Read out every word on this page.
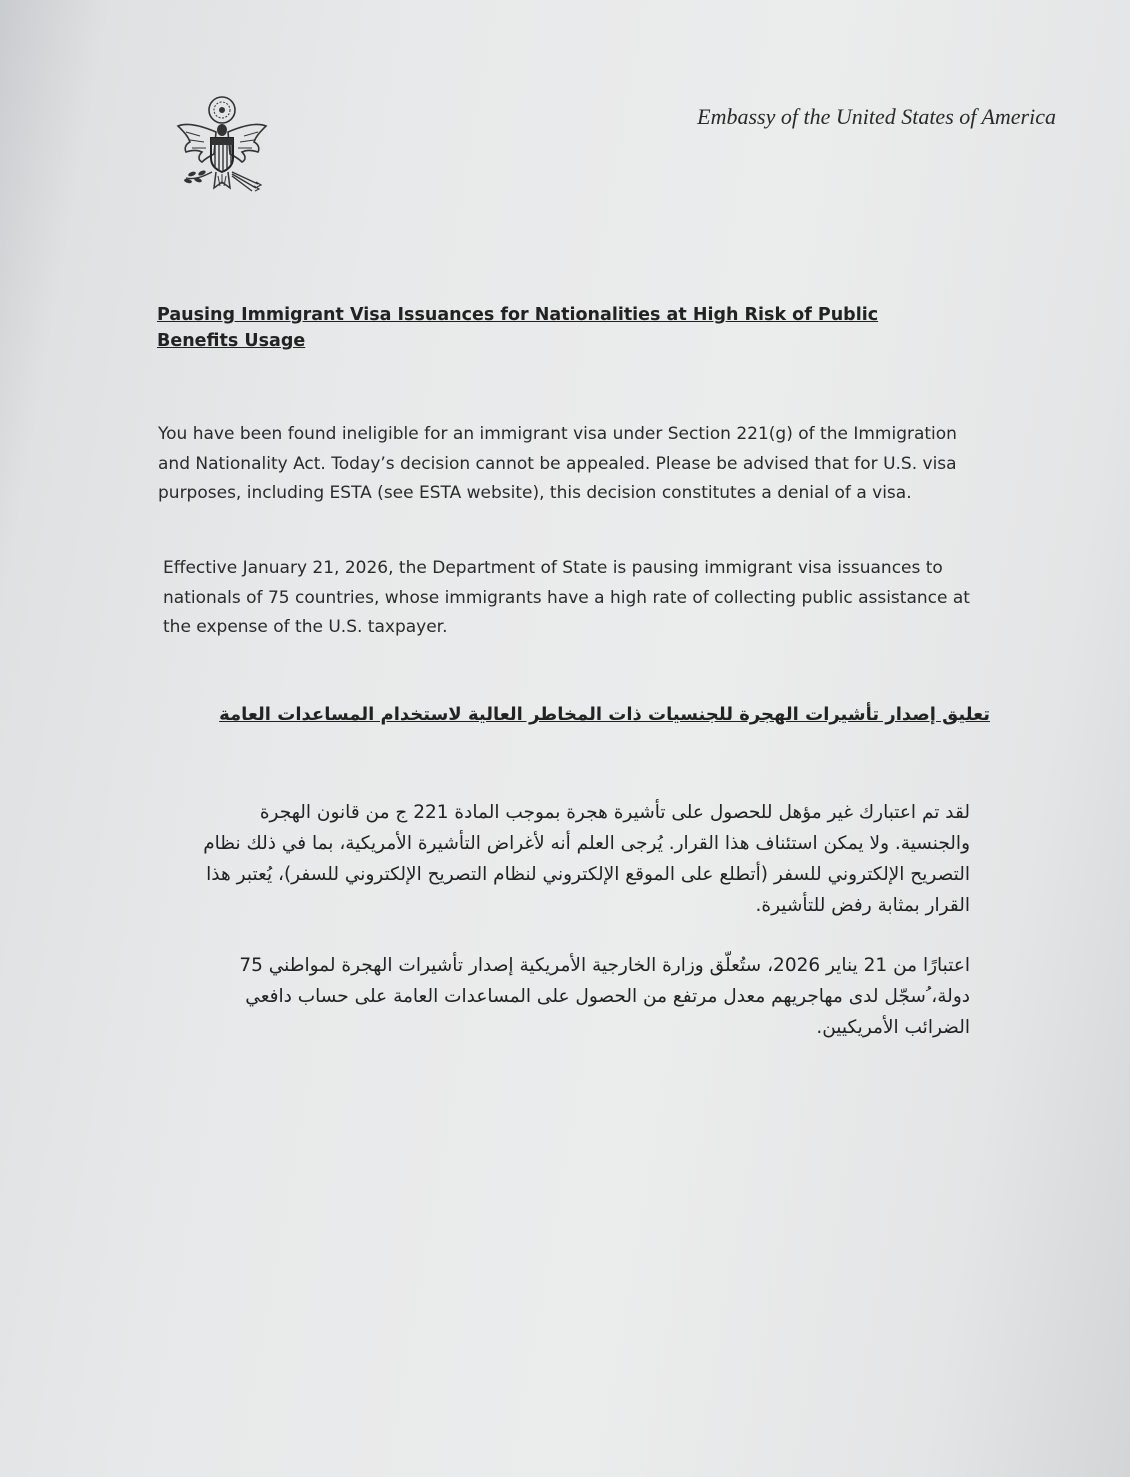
Embassy of the United States of America
Pausing Immigrant Visa Issuances for Nationalities at High Risk of Public Benefits Usage

You have been found ineligible for an immigrant visa under Section 221(g) of the Immigration and Nationality Act. Today’s decision cannot be appealed. Please be advised that for U.S. visa purposes, including ESTA (see ESTA website), this decision constitutes a denial of a visa.

Effective January 21, 2026, the Department of State is pausing immigrant visa issuances to nationals of 75 countries, whose immigrants have a high rate of collecting public assistance at the expense of the U.S. taxpayer.

تعليق إصدار تأشيرات الهجرة للجنسيات ذات المخاطر العالية لاستخدام المساعدات العامة

لقد تم اعتبارك غير مؤهل للحصول على تأشيرة هجرة بموجب المادة 221 ج من قانون الهجرة والجنسية. ولا يمكن استئناف هذا القرار. يُرجى العلم أنه لأغراض التأشيرة الأمريكية، بما في ذلك نظام التصريح الإلكتروني للسفر (أتطلع على الموقع الإلكتروني لنظام التصريح الإلكتروني للسفر)، يُعتبر هذا القرار بمثابة رفض للتأشيرة.

اعتبارًا من 21 يناير 2026، ستُعلّق وزارة الخارجية الأمريكية إصدار تأشيرات الهجرة لمواطني 75 دولة، ُسجّل لدى مهاجريهم معدل مرتفع من الحصول على المساعدات العامة على حساب دافعي الضرائب الأمريكيين.
